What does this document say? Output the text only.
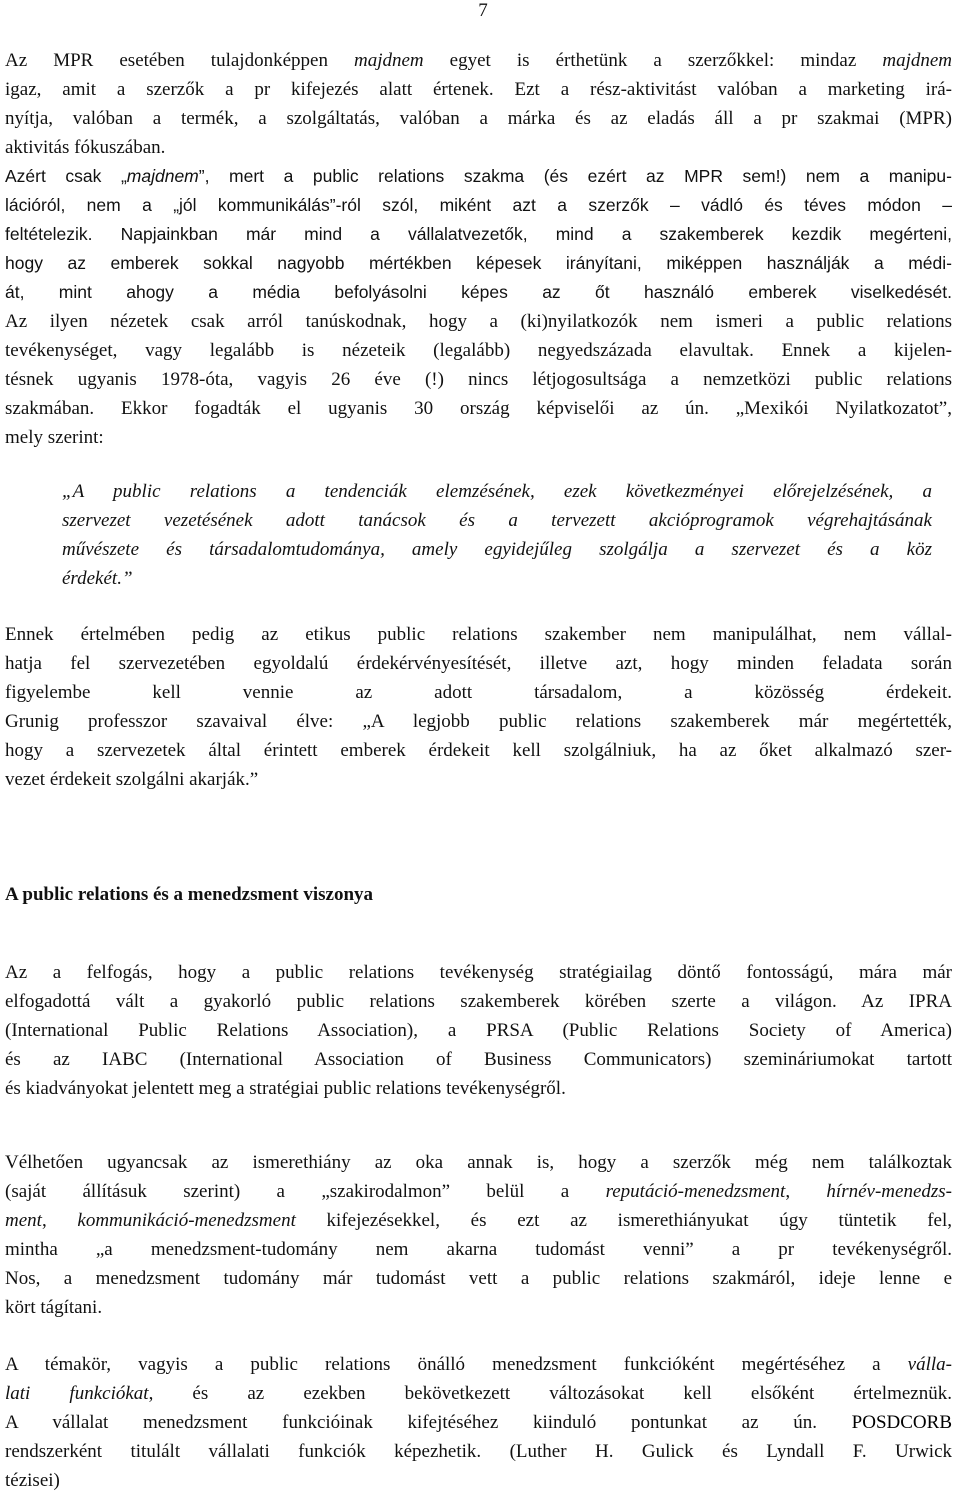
7
Az MPR esetében tulajdonképpen majdnem egyet is érthetünk a szerzőkkel: mindaz majdnem
igaz, amit a szerzők a pr kifejezés alatt értenek. Ezt a rész-aktivitást valóban a marketing irá-
nyítja, valóban a termék, a szolgáltatás, valóban a márka és az eladás áll a pr szakmai (MPR)
aktivitás fókuszában.
Azért csak „majdnem”, mert a public relations szakma (és ezért az MPR sem!) nem a manipu-
lációról, nem a „jól kommunikálás”-ról szól, miként azt a szerzők – vádló és téves módon –
feltételezik. Napjainkban már mind a vállalatvezetők, mind a szakemberek kezdik megérteni,
hogy az emberek sokkal nagyobb mértékben képesek irányítani, miképpen használják a médi-
át, mint ahogy a média befolyásolni képes az őt használó emberek viselkedését.
Az ilyen nézetek csak arról tanúskodnak, hogy a (ki)nyilatkozók nem ismeri a public relations
tevékenységet, vagy legalább is nézeteik (legalább) negyedszázada elavultak. Ennek a kijelen-
tésnek ugyanis 1978-óta, vagyis 26 éve (!) nincs létjogosultsága a nemzetközi public relations
szakmában. Ekkor fogadták el ugyanis 30 ország képviselői az ún. „Mexikói Nyilatkozatot”,
mely szerint:
„A public relations a tendenciák elemzésének, ezek következményei előrejelzésének, a
szervezet vezetésének adott tanácsok és a tervezett akcióprogramok végrehajtásának
művészete és társadalomtudománya, amely egyidejűleg szolgálja a szervezet és a köz
érdekét.”
Ennek értelmében pedig az etikus public relations szakember nem manipulálhat, nem vállal-
hatja fel szervezetében egyoldalú érdekérvényesítését, illetve azt, hogy minden feladata során
figyelembe kell vennie az adott társadalom, a közösség érdekeit.
Grunig professzor szavaival élve: „A legjobb public relations szakemberek már megértették,
hogy a szervezetek által érintett emberek érdekeit kell szolgálniuk, ha az őket alkalmazó szer-
vezet érdekeit szolgálni akarják.”
A public relations és a menedzsment viszonya
Az a felfogás, hogy a public relations tevékenység stratégiailag döntő fontosságú, mára már
elfogadottá vált a gyakorló public relations szakemberek körében szerte a világon. Az IPRA
(International Public Relations Association), a PRSA (Public Relations Society of America)
és az IABC (International Association of Business Communicators) szemináriumokat tartott
és kiadványokat jelentett meg a stratégiai public relations tevékenységről.
Vélhetően ugyancsak az ismerethiány az oka annak is, hogy a szerzők még nem találkoztak
(saját állításuk szerint) a „szakirodalmon” belül a reputáció-menedzsment, hírnév-menedzs-
ment, kommunikáció-menedzsment kifejezésekkel, és ezt az ismerethiányukat úgy tüntetik fel,
mintha „a menedzsment-tudomány nem akarna tudomást venni” a pr tevékenységről.
Nos, a menedzsment tudomány már tudomást vett a public relations szakmáról, ideje lenne e
kört tágítani.
A témakör, vagyis a public relations önálló menedzsment funkcióként megértéséhez a válla-
lati funkciókat, és az ezekben bekövetkezett változásokat kell elsőként értelmeznük.
A vállalat menedzsment funkcióinak kifejtéséhez kiinduló pontunkat az ún. POSDCORB
rendszerként titulált vállalati funkciók képezhetik. (Luther H. Gulick és Lyndall F. Urwick
tézisei)
